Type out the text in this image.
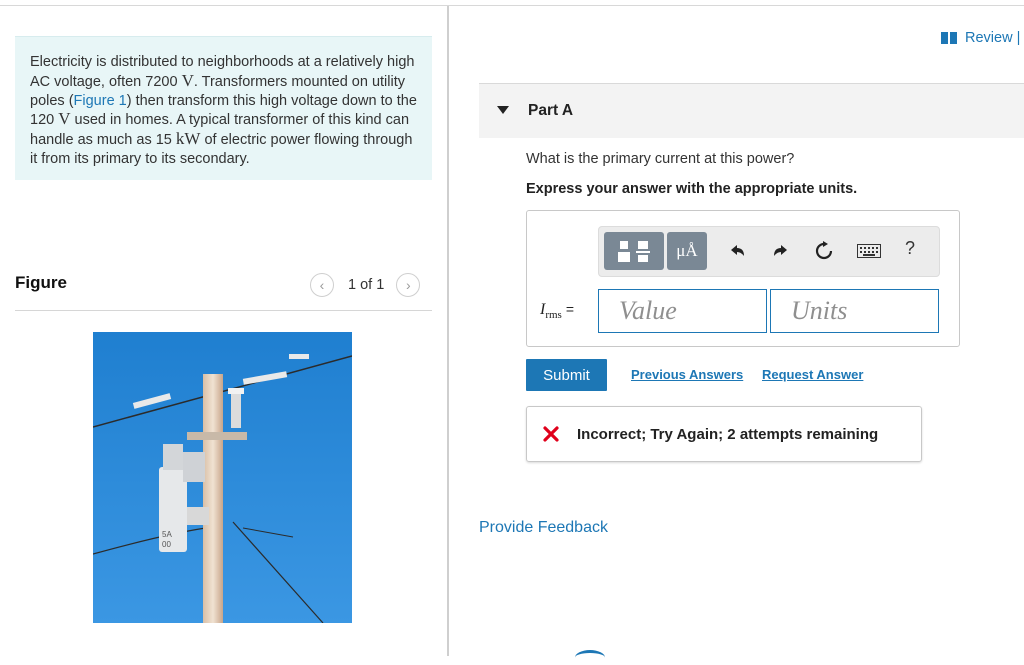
Electricity is distributed to neighborhoods at a relatively high AC voltage, often 7200 V. Transformers mounted on utility poles (Figure 1) then transform this high voltage down to the 120 V used in homes. A typical transformer of this kind can handle as much as 15 kW of electric power flowing through it from its primary to its secondary.
Figure	‹	1 of 1	›
5A
00
Review |
Part A
What is the primary current at this power?
Express your answer with the appropriate units.
μÅ	?
$I_{rms}$ =	Value	Units
Submit	Previous Answers Request Answer
Incorrect; Try Again; 2 attempts remaining
Provide Feedback
